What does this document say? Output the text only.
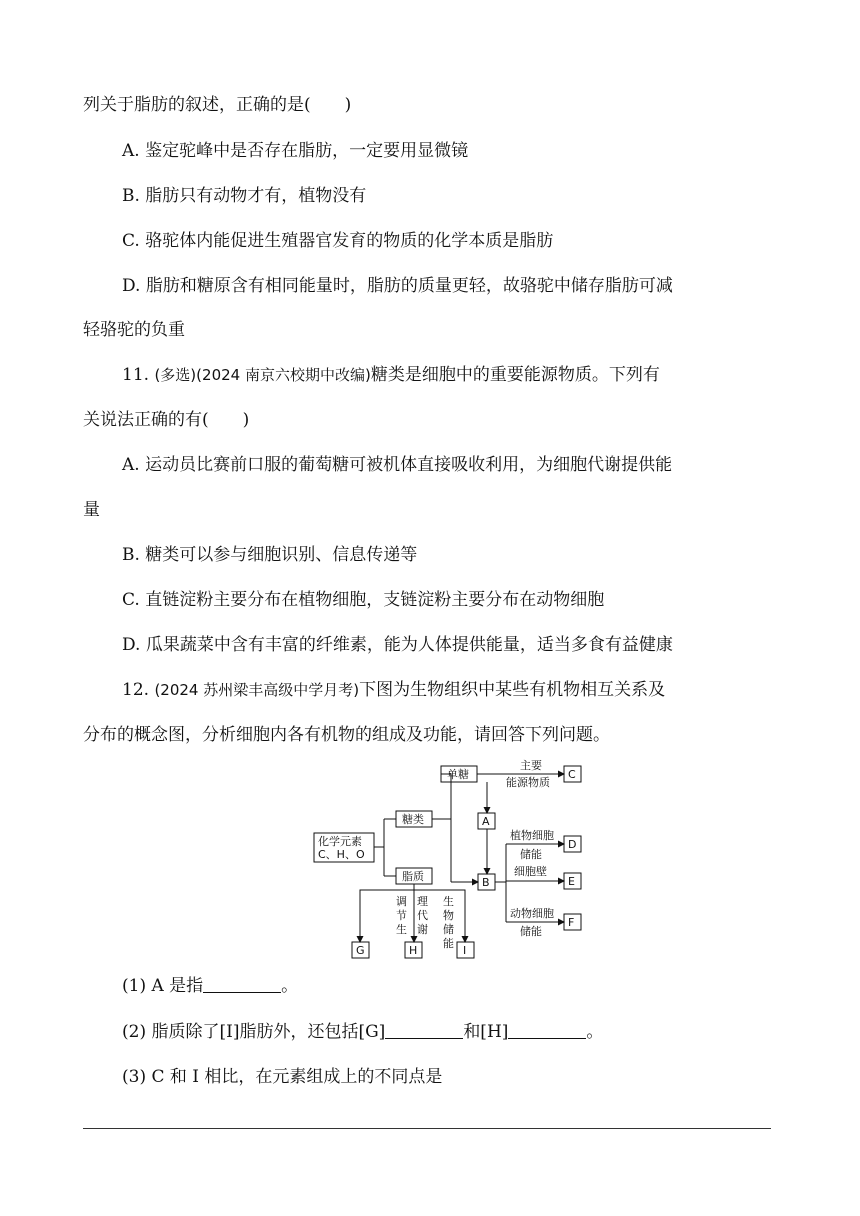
列关于脂肪的叙述，正确的是(　　)
A. 鉴定驼峰中是否存在脂肪，一定要用显微镜
B. 脂肪只有动物才有，植物没有
C. 骆驼体内能促进生殖器官发育的物质的化学本质是脂肪
D. 脂肪和糖原含有相同能量时，脂肪的质量更轻，故骆驼中储存脂肪可减
轻骆驼的负重
11. (多选)(2024 南京六校期中改编)糖类是细胞中的重要能源物质。下列有
关说法正确的有(　　)
A. 运动员比赛前口服的葡萄糖可被机体直接吸收利用，为细胞代谢提供能
量
B. 糖类可以参与细胞识别、信息传递等
C. 直链淀粉主要分布在植物细胞，支链淀粉主要分布在动物细胞
D. 瓜果蔬菜中含有丰富的纤维素，能为人体提供能量，适当多食有益健康
12. (2024 苏州梁丰高级中学月考)下图为生物组织中某些有机物相互关系及
分布的概念图，分析细胞内各有机物的组成及功能，请回答下列问题。
化学元素
C、H、O
糖类
脂质
单糖
主要
能源物质
A
B
C
D
E
F
G	H	I
植物细胞
储能
细胞壁
动物细胞
储能
调
节
生
理
代
谢
生
物
储
能
(1) A 是指	。
(2) 脂质除了[I]脂肪外，还包括[G]	和[H]	。
(3) C 和 I 相比，在元素组成上的不同点是
